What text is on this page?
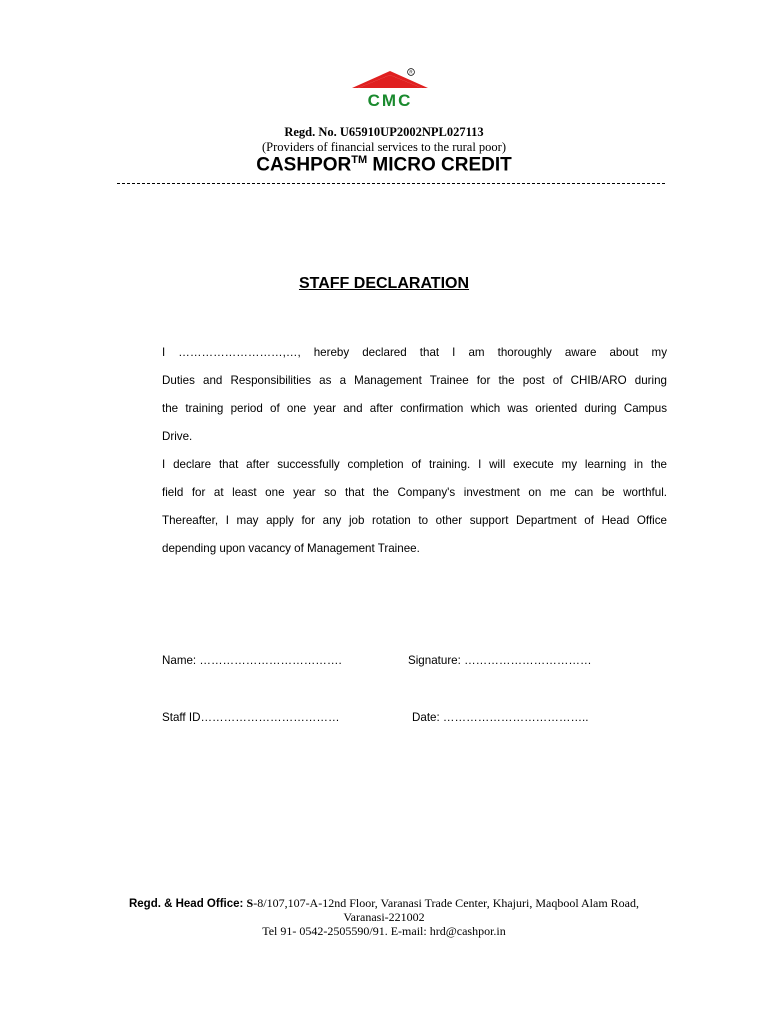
R
CMC
Regd. No. U65910UP2002NPL027113
(Providers of financial services to the rural poor)
CASHPOR™ MICRO CREDIT
STAFF DECLARATION
I ………………………,…, hereby declared that I am thoroughly aware about my
Duties and Responsibilities as a Management Trainee for the post of CHIB/ARO during
the training period of one year and after confirmation which was oriented during Campus
Drive.
I declare that after successfully completion of training. I will execute my learning in the
field for at least one year so that the Company's investment on me can be worthful.
Thereafter, I may apply for any job rotation to other support Department of Head Office
depending upon vacancy of Management Trainee.
Name: ……………………………….	Signature: ……………………………
Staff ID………………………………	Date: ………………………………..
Regd. & Head Office: S-8/107,107-A-12nd Floor, Varanasi Trade Center, Khajuri, Maqbool Alam Road,
Varanasi-221002
Tel 91- 0542-2505590/91. E-mail: hrd@cashpor.in
